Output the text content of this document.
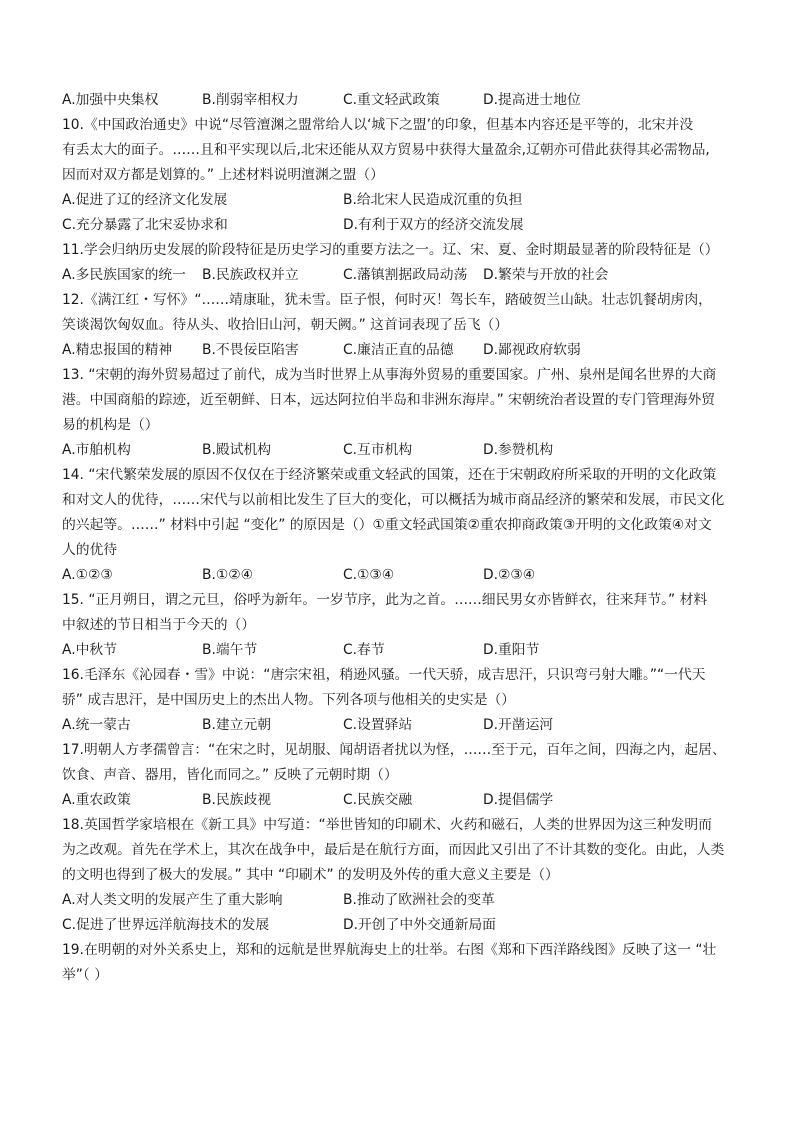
A.加强中央集权	B.削弱宰相权力	C.重文轻武政策	D.提高进士地位
10.《中国政治通史》中说“尽管澶渊之盟常给人以‘城下之盟’的印象，但基本内容还是平等的，北宋并没
有丢太大的面子。……且和平实现以后,北宋还能从双方贸易中获得大量盈余,辽朝亦可借此获得其必需物品,
因而对双方都是划算的。” 上述材料说明澶渊之盟（）
A.促进了辽的经济文化发展	B.给北宋人民造成沉重的负担
C.充分暴露了北宋妥协求和	D.有利于双方的经济交流发展
11.学会归纳历史发展的阶段特征是历史学习的重要方法之一。辽、宋、夏、金时期最显著的阶段特征是（）
A.多民族国家的统一 B.民族政权并立	C.藩镇割据政局动荡 D.繁荣与开放的社会
12.《满江红・写怀》“……靖康耻，犹未雪。臣子恨，何时灭！驾长车，踏破贺兰山缺。壮志饥餐胡虏肉，
笑谈渴饮匈奴血。待从头、收拾旧山河，朝天阙。” 这首词表现了岳飞（）
A.精忠报国的精神 B.不畏佞臣陷害	C.廉洁正直的品德 D.鄙视政府软弱
13. “宋朝的海外贸易超过了前代，成为当时世界上从事海外贸易的重要国家。广州、泉州是闻名世界的大商
港。中国商船的踪迹，近至朝鲜、日本，远达阿拉伯半岛和非洲东海岸。” 宋朝统治者设置的专门管理海外贸
易的机构是（）
A.市舶机构	B.殿试机构	C.互市机构	D.参赞机构
14. “宋代繁荣发展的原因不仅仅在于经济繁荣或重文轻武的国策，还在于宋朝政府所采取的开明的文化政策
和对文人的优待，……宋代与以前相比发生了巨大的变化，可以概括为城市商品经济的繁荣和发展，市民文化
的兴起等。……” 材料中引起 “变化” 的原因是（）①重文轻武国策②重农抑商政策③开明的文化政策④对文
人的优待
A.①②③	B.①②④	C.①③④	D.②③④
15. “正月朔日，谓之元旦，俗呼为新年。一岁节序，此为之首。……细民男女亦皆鲜衣，往来拜节。” 材料
中叙述的节日相当于今天的（）
A.中秋节	B.端午节	C.春节	D.重阳节
16.毛泽东《沁园春・雪》中说：“唐宗宋祖，稍逊风骚。一代天骄，成吉思汗，只识弯弓射大雕。”“一代天
骄” 成吉思汗，是中国历史上的杰出人物。下列各项与他相关的史实是（）
A.统一蒙古	B.建立元朝	C.设置驿站	D.开凿运河
17.明朝人方孝孺曾言：“在宋之时，见胡服、闻胡语者扰以为怪，……至于元，百年之间，四海之内，起居、
饮食、声音、器用，皆化而同之。” 反映了元朝时期（）
A.重农政策	B.民族歧视	C.民族交融	D.提倡儒学
18.英国哲学家培根在《新工具》中写道：“举世皆知的印刷术、火药和磁石，人类的世界因为这三种发明而
为之改观。首先在学术上，其次在战争中，最后是在航行方面，而因此又引出了不计其数的变化。由此，人类
的文明也得到了极大的发展。” 其中 “印刷术” 的发明及外传的重大意义主要是（）
A.对人类文明的发展产生了重大影响	B.推动了欧洲社会的变革
C.促进了世界远洋航海技术的发展	D.开创了中外交通新局面
19.在明朝的对外关系史上，郑和的远航是世界航海史上的壮举。右图《郑和下西洋路线图》反映了这一 “壮
举”（ ）
